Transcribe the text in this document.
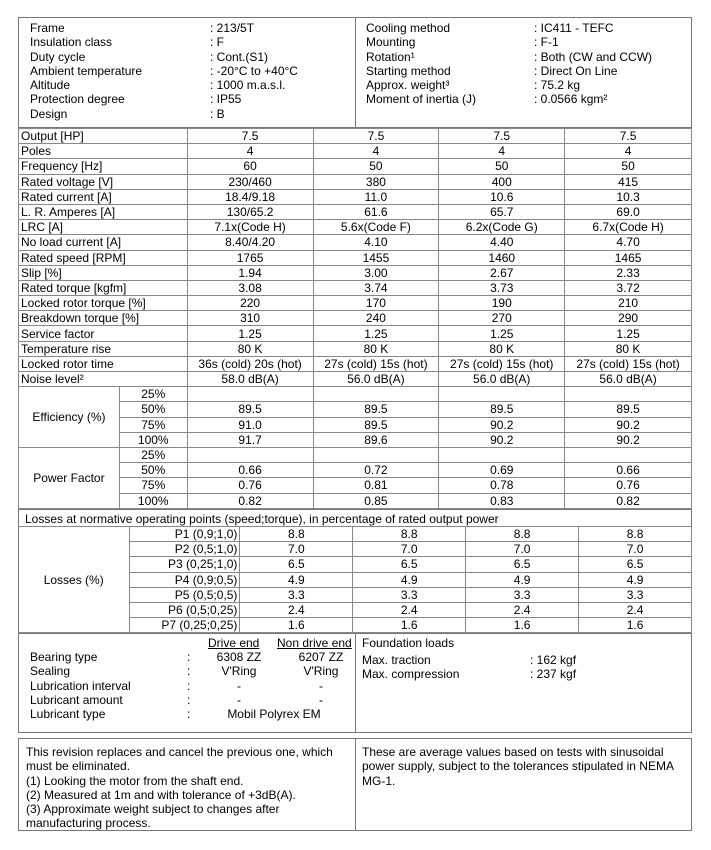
Frame	: 213/5T
Insulation class	: F
Duty cycle	: Cont.(S1)
Ambient temperature	: -20°C to +40°C
Altitude	: 1000 m.a.s.l.
Protection degree	: IP55
Design	: B
Cooling method	: IC411 - TEFC
Mounting	: F-1
Rotation¹	: Both (CW and CCW)
Starting method	: Direct On Line
Approx. weight³	: 75.2 kg
Moment of inertia (J)	: 0.0566 kgm²
Output [HP]		7.5	7.5	7.5	7.5
Poles		4	4	4	4
Frequency [Hz]		60	50	50	50
Rated voltage [V]		230/460	380	400	415
Rated current [A]		18.4/9.18	11.0	10.6	10.3
L. R. Amperes [A]		130/65.2	61.6	65.7	69.0
LRC [A]		7.1x(Code H)	5.6x(Code F)	6.2x(Code G)	6.7x(Code H)
No load current [A]		8.40/4.20	4.10	4.40	4.70
Rated speed [RPM]		1765	1455	1460	1465
Slip [%]		1.94	3.00	2.67	2.33
Rated torque [kgfm]		3.08	3.74	3.73	3.72
Locked rotor torque [%]		220	170	190	210
Breakdown torque [%]		310	240	270	290
Service factor		1.25	1.25	1.25	1.25
Temperature rise		80 K	80 K	80 K	80 K
Locked rotor time		36s (cold) 20s (hot)	27s (cold) 15s (hot)	27s (cold) 15s (hot)	27s (cold) 15s (hot)
Noise level²		58.0 dB(A)	56.0 dB(A)	56.0 dB(A)	56.0 dB(A)
Efficiency (%)	25%				
	50%	89.5	89.5	89.5	89.5
	75%	91.0	89.5	90.2	90.2
	100%	91.7	89.6	90.2	90.2
Power Factor	25%				
	50%	0.66	0.72	0.69	0.66
	75%	0.76	0.81	0.78	0.76
	100%	0.82	0.85	0.83	0.82
Losses at normative operating points (speed;torque), in percentage of rated output power
Losses (%)	P1 (0,9;1,0)	8.8	8.8	8.8	8.8
	P2 (0,5;1,0)	7.0	7.0	7.0	7.0
	P3 (0,25;1,0)	6.5	6.5	6.5	6.5
	P4 (0,9;0,5)	4.9	4.9	4.9	4.9
	P5 (0,5;0,5)	3.3	3.3	3.3	3.3
	P6 (0,5;0,25)	2.4	2.4	2.4	2.4
	P7 (0,25;0,25)	1.6	1.6	1.6	1.6
Drive end Non drive end
Bearing type	:	6308 ZZ	6207 ZZ
Sealing	:	V'Ring	V'Ring
Lubrication interval	:	-	-
Lubricant amount	:	-	-
Lubricant type	:	Mobil Polyrex EM
Foundation loads
Max. traction	: 162 kgf
Max. compression	: 237 kgf

This revision replaces and cancel the previous one, which

must be eliminated.

(1) Looking the motor from the shaft end.

(2) Measured at 1m and with tolerance of +3dB(A).

(3) Approximate weight subject to changes after

manufacturing process.

These are average values based on tests with sinusoidal

power supply, subject to the tolerances stipulated in NEMA

MG-1.
